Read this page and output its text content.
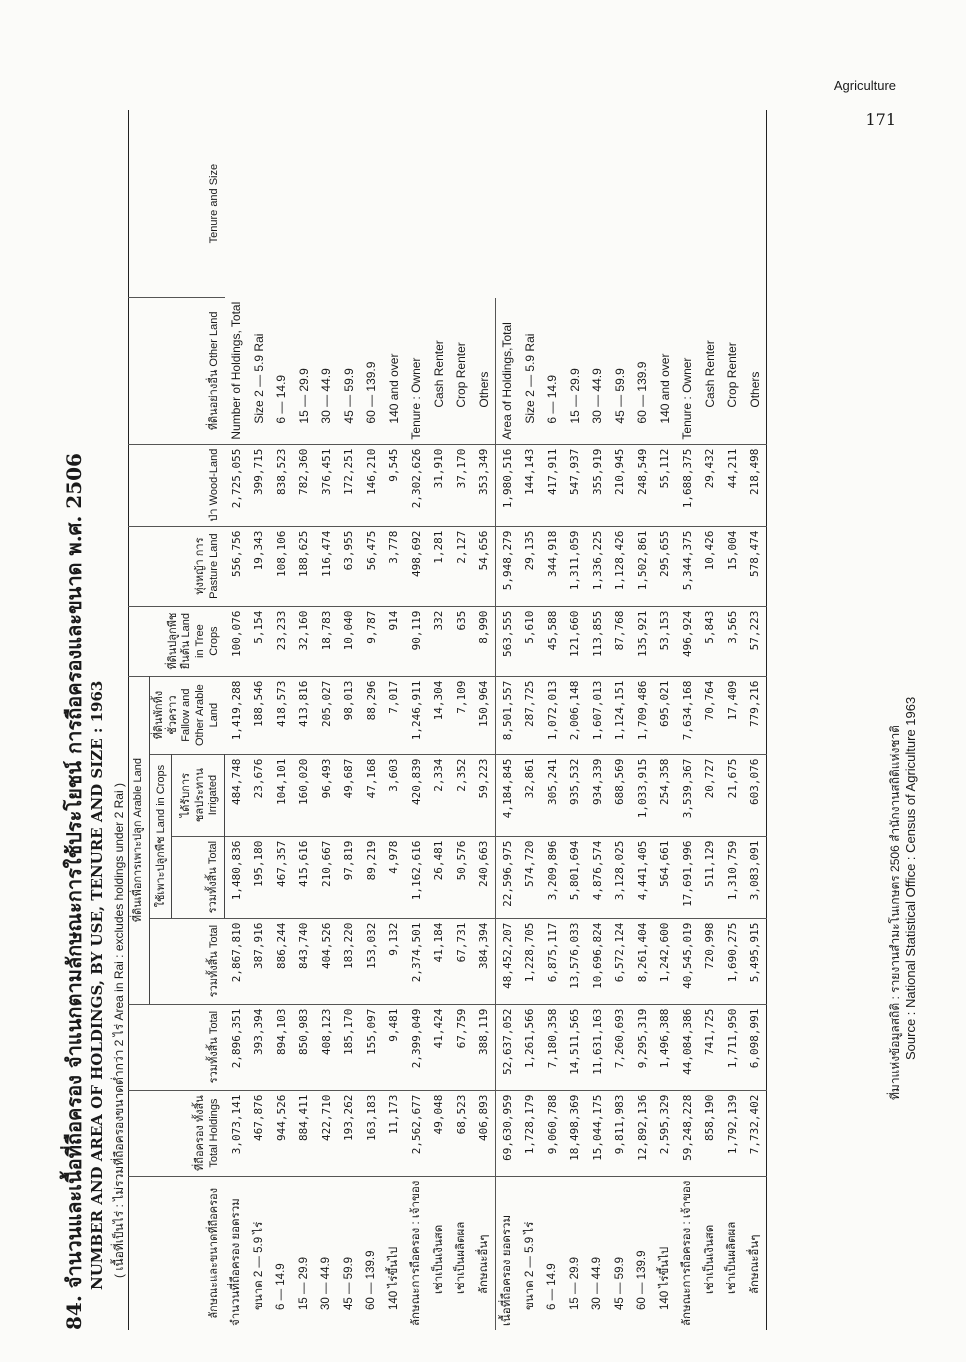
Agriculture
171
84. จำนวนและเนื้อที่ถือครอง จำแนกตามลักษณะการใช้ประโยชน์ การถือครองและขนาด พ.ศ. 2506 NUMBER AND AREA OF HOLDINGS, BY USE, TENURE AND SIZE : 1963 ( เนื้อที่เป็นไร่ : ไม่รวมที่ถือครองขนาดต่ำกว่า 2 ไร่ Area in Rai : excludes holdings under 2 Rai )	ลักษณะและขนาดที่ถือครอง	ที่ถือครอง ทั้งสิ้น Total Holdings	รวมทั้งสิ้น Total	ที่ดินเพื่อการเพาะปลูก Arable Land				ที่ดินปลูกพืชยืนต้น Land in Tree Crops	ทุ่งหญ้า การ Pasture Land	ป่า Wood-Land	ที่ดินอย่างอื่น Other Land	Tenure and Size
			รวมทั้งสิ้น Total	ใช้เพาะปลูกพืช Land in Crops		ที่ดินพักทิ้งชั่วคราว Fallow and Other Arable Land					
				รวมทั้งสิ้น Total	ได้รับการชลประทาน Irrigated						
จำนวนที่ถือครอง ยอดรวม	3,073,141	2,896,351	2,867,810	1,480,836	484,748	1,419,288	100,076	556,756	2,725,055	Number of Holdings, Total	
ขนาด 2 — 5.9 ไร่	467,876	393,394	387,916	195,180	23,676	188,546	5,154	19,343	399,715	Size 2 — 5.9 Rai	
6 — 14.9	944,526	894,103	886,244	467,357	104,101	418,573	23,233	108,106	838,523	6 — 14.9	
15 — 29.9	884,411	850,983	843,740	415,616	160,020	413,816	32,160	188,625	782,360	15 — 29.9	
30 — 44.9	422,710	408,123	404,526	210,667	96,493	205,027	18,783	116,474	376,451	30 — 44.9	
45 — 59.9	193,262	185,170	183,220	97,819	49,687	98,013	10,040	63,955	172,251	45 — 59.9	
60 — 139.9	163,183	155,097	153,032	89,219	47,168	88,296	9,787	56,475	146,210	60 — 139.9	
140 ไร่ขึ้นไป	11,173	9,481	9,132	4,978	3,603	7,017	914	3,778	9,545	140 and over	
ลักษณะการถือครอง : เจ้าของ	2,562,677	2,399,049	2,374,501	1,162,616	420,839	1,246,911	90,119	498,692	2,302,626	Tenure : Owner	
เช่าเป็นเงินสด	49,048	41,424	41,184	26,481	2,334	14,304	332	1,281	31,910	Cash Renter	
เช่าเป็นผลิตผล	68,523	67,759	67,731	50,576	2,352	7,109	635	2,127	37,170	Crop Renter	
ลักษณะอื่นๆ	406,893	388,119	384,394	240,663	59,223	150,964	8,990	54,656	353,349	Others	
เนื้อที่ถือครอง ยอดรวม	69,630,959	52,637,052	48,452,207	22,596,975	4,184,845	8,501,557	563,555	5,948,279	1,980,516	Area of Holdings,Total	
ขนาด 2 — 5.9 ไร่	1,728,179	1,261,566	1,228,705	574,720	32,861	287,725	5,610	29,135	144,143	Size 2 — 5.9 Rai	
6 — 14.9	9,060,788	7,180,358	6,875,117	3,209,896	305,241	1,072,013	45,588	344,918	417,911	6 — 14.9	
15 — 29.9	18,498,369	14,511,565	13,576,033	5,801,694	935,532	2,006,148	121,660	1,311,059	547,937	15 — 29.9	
30 — 44.9	15,044,175	11,631,163	10,696,824	4,876,574	934,339	1,607,013	113,855	1,336,225	355,919	30 — 44.9	
45 — 59.9	9,811,983	7,260,693	6,572,124	3,128,025	688,569	1,124,151	87,768	1,128,426	210,945	45 — 59.9	
60 — 139.9	12,892,136	9,295,319	8,261,404	4,441,405	1,033,915	1,709,486	135,921	1,502,861	248,549	60 — 139.9	
140 ไร่ขึ้นไป	2,595,329	1,496,388	1,242,600	564,661	254,358	695,021	53,153	295,655	55,112	140 and over	
ลักษณะการถือครอง : เจ้าของ	59,248,228	44,084,386	40,545,019	17,691,996	3,539,367	7,634,168	496,924	5,344,375	1,688,375	Tenure : Owner	
เช่าเป็นเงินสด	858,190	741,725	720,998	511,129	20,727	70,764	5,843	10,426	29,432	Cash Renter	
เช่าเป็นผลิตผล	1,792,139	1,711,950	1,690,275	1,310,759	21,675	17,409	3,565	15,004	44,211	Crop Renter	
ลักษณะอื่นๆ	7,732,402	6,098,991	5,495,915	3,083,091	603,076	779,216	57,223	578,474	218,498	Others	
ที่มาแห่งข้อมูลสถิติ : รายงานสำมะโนเกษตร 2506 สำนักงานสถิติแห่งชาติ Source : National Statistical Office : Census of Agriculture 1963
